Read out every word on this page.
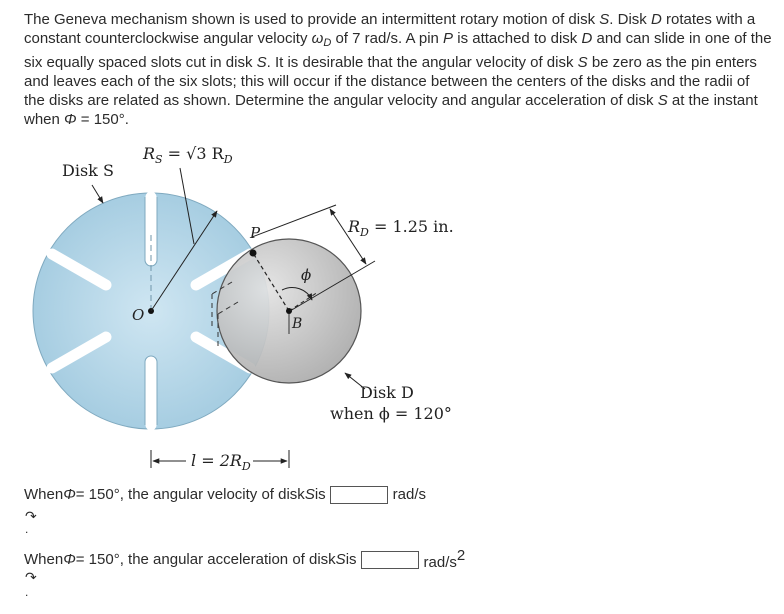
The Geneva mechanism shown is used to provide an intermittent rotary motion of disk S. Disk D rotates with a constant counterclockwise angular velocity $\omega_D$ of 7 rad/s. A pin P is attached to disk D and can slide in one of the six equally spaced slots cut in disk S. It is desirable that the angular velocity of disk S be zero as the pin enters and leaves each of the six slots; this will occur if the distance between the centers of the disks and the radii of the disks are related as shown. Determine the angular velocity and angular acceleration of disk S at the instant when Φ = 150°.

Disk S
$R_S = √3$ $R_D$
P	$R_D = 1.25$ in.
ϕ
O	B
Disk D
when ϕ = 120°
$l = 2R_D$
When Φ = 150°, the angular velocity of disk S is	rad/s
↷
.
When Φ = 150°, the angular acceleration of disk S is	rad/$s^2$
↷
.
